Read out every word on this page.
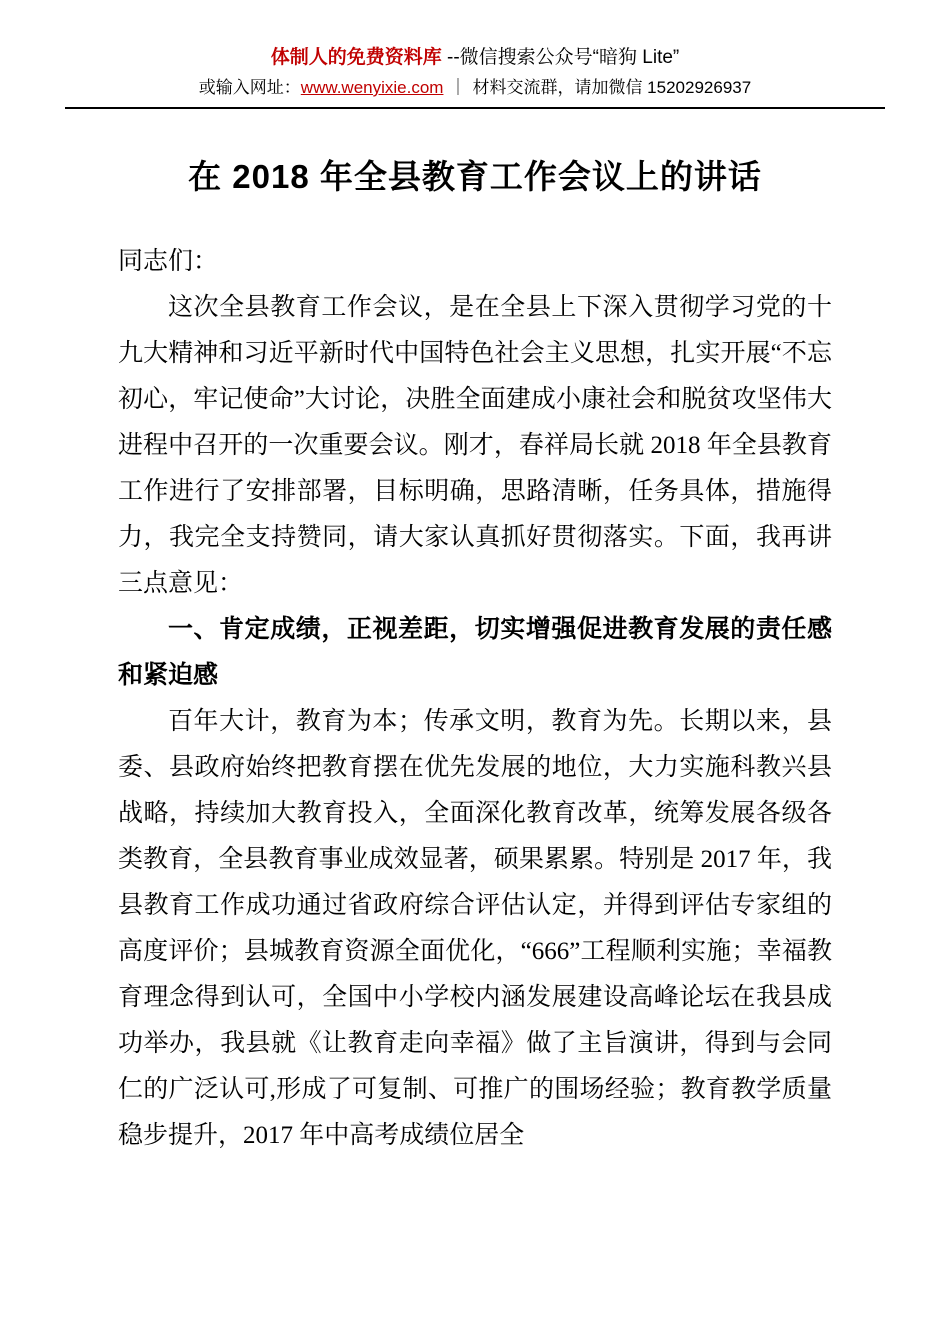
体制人的免费资料库 --微信搜索公众号“暗狗 Lite”
或输入网址：www.wenyixie.com ｜ 材料交流群，请加微信 15202926937
在 2018 年全县教育工作会议上的讲话
同志们：

这次全县教育工作会议，是在全县上下深入贯彻学习党的十九大精神和习近平新时代中国特色社会主义思想，扎实开展“不忘初心，牢记使命”大讨论，决胜全面建成小康社会和脱贫攻坚伟大进程中召开的一次重要会议。刚才，春祥局长就 2018 年全县教育工作进行了安排部署，目标明确，思路清晰，任务具体，措施得力，我完全支持赞同，请大家认真抓好贯彻落实。下面，我再讲三点意见：

一、肯定成绩，正视差距，切实增强促进教育发展的责任感和紧迫感

百年大计，教育为本；传承文明，教育为先。长期以来，县委、县政府始终把教育摆在优先发展的地位，大力实施科教兴县战略，持续加大教育投入，全面深化教育改革，统筹发展各级各类教育，全县教育事业成效显著，硕果累累。特别是 2017 年，我县教育工作成功通过省政府综合评估认定，并得到评估专家组的高度评价；县城教育资源全面优化，“666”工程顺利实施；幸福教育理念得到认可，全国中小学校内涵发展建设高峰论坛在我县成功举办，我县就《让教育走向幸福》做了主旨演讲，得到与会同仁的广泛认可,形成了可复制、可推广的围场经验；教育教学质量稳步提升，2017 年中高考成绩位居全
